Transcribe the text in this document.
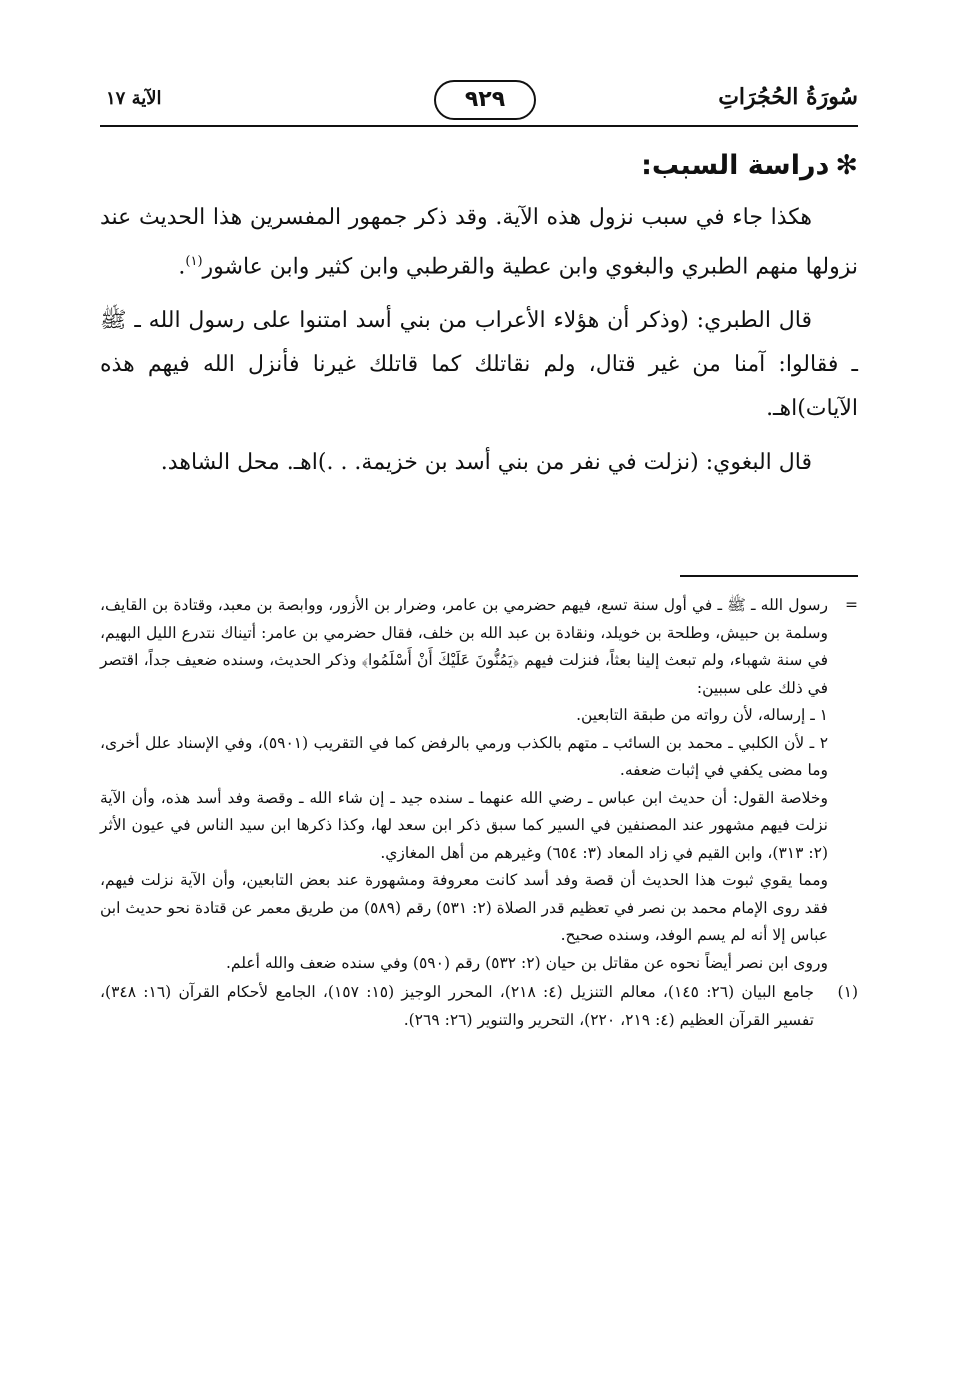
سُورَةُ الحُجُرَاتِ
٩٢٩
الآية ١٧
✻دراسة السبب:

هكذا جاء في سبب نزول هذه الآية. وقد ذكر جمهور المفسرين هذا الحديث عند نزولها منهم الطبري والبغوي وابن عطية والقرطبي وابن كثير وابن عاشور$^{(١)}$.

قال الطبري: (وذكر أن هؤلاء الأعراب من بني أسد امتنوا على رسول الله ـ ﷺ ـ فقالوا: آمنا من غير قتال، ولم نقاتلك كما قاتلك غيرنا فأنزل الله فيهم هذه الآيات)اهـ.

قال البغوي: (نزلت في نفر من بني أسد بن خزيمة. . .)اهـ. محل الشاهد.

=

رسول الله ـ ﷺ ـ في أول سنة تسع، فيهم حضرمي بن عامر، وضرار بن الأزور، ووابصة بن معبد، وقتادة بن القايف، وسلمة بن حبيش، وطلحة بن خويلد، ونقادة بن عبد الله بن خلف، فقال حضرمي بن عامر: أتيناك نتدرع الليل البهيم، في سنة شهباء، ولم تبعث إلينا بعثاً، فنزلت فيهم ﴿يَمُنُّونَ عَلَيْكَ أَنْ أَسْلَمُوا﴾ وذكر الحديث، وسنده ضعيف جداً، اقتصر في ذلك على سببين:

١ ـ إرساله، لأن رواته من طبقة التابعين.

٢ ـ لأن الكلبي ـ محمد بن السائب ـ متهم بالكذب ورمي بالرفض كما في التقريب (٥٩٠١)، وفي الإسناد علل أخرى، وما مضى يكفي في إثبات ضعفه.

وخلاصة القول: أن حديث ابن عباس ـ رضي الله عنهما ـ سنده جيد ـ إن شاء الله ـ وقصة وفد أسد هذه، وأن الآية نزلت فيهم مشهور عند المصنفين في السير كما سبق ذكر ابن سعد لها، وكذا ذكرها ابن سيد الناس في عيون الأثر (٢: ٣١٣)، وابن القيم في زاد المعاد (٣: ٦٥٤) وغيرهم من أهل المغازي.

ومما يقوي ثبوت هذا الحديث أن قصة وفد أسد كانت معروفة ومشهورة عند بعض التابعين، وأن الآية نزلت فيهم، فقد روى الإمام محمد بن نصر في تعظيم قدر الصلاة (٢: ٥٣١) رقم (٥٨٩) من طريق معمر عن قتادة نحو حديث ابن عباس إلا أنه لم يسم الوفد، وسنده صحيح.

وروى ابن نصر أيضاً نحوه عن مقاتل بن حيان (٢: ٥٣٢) رقم (٥٩٠) وفي سنده ضعف والله أعلم.

(١)

جامع البيان (٢٦: ١٤٥)، معالم التنزيل (٤: ٢١٨)، المحرر الوجيز (١٥: ١٥٧)، الجامع لأحكام القرآن (١٦: ٣٤٨)، تفسير القرآن العظيم (٤: ٢١٩، ٢٢٠)، التحرير والتنوير (٢٦: ٢٦٩).
